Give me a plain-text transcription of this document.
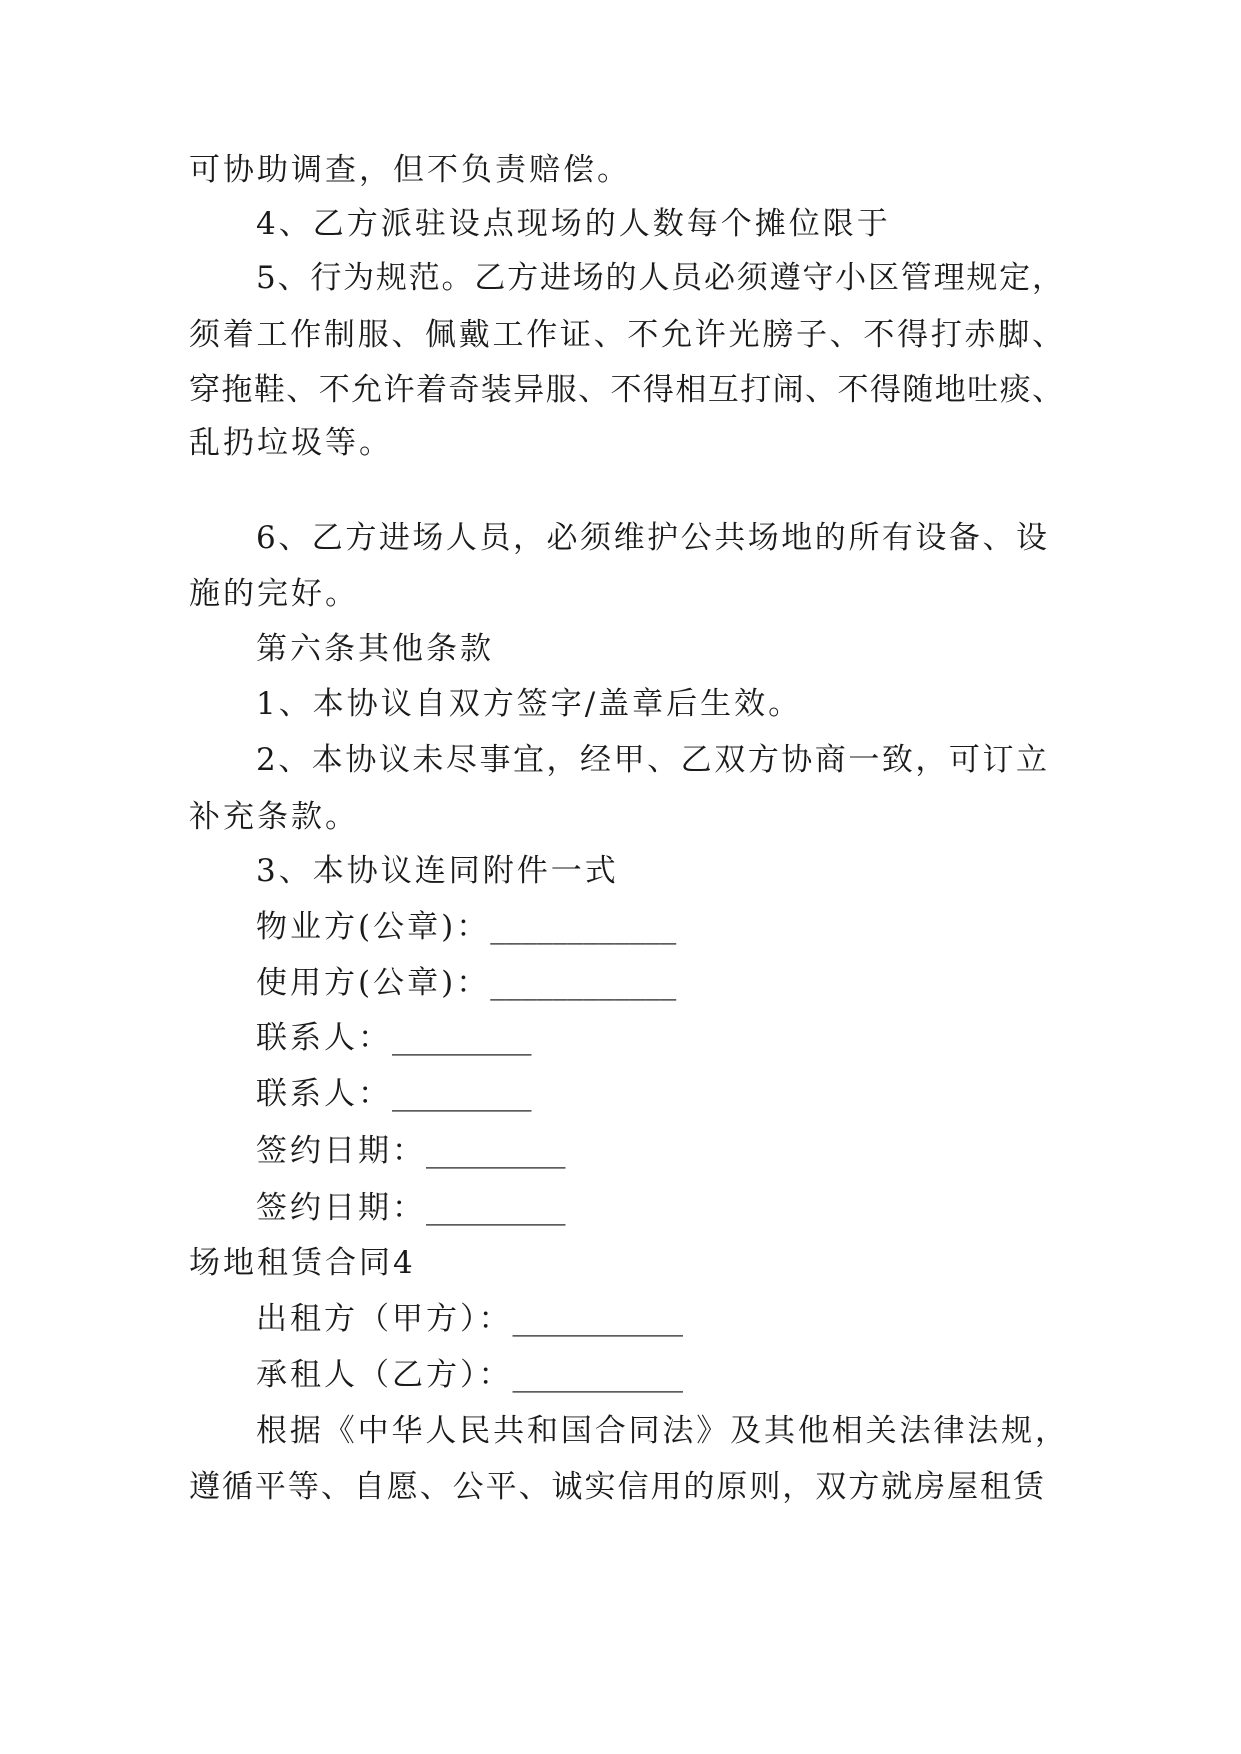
可协助调查，但不负责赔偿。
4、乙方派驻设点现场的人数每个摊位限于
5、行为规范。乙方进场的人员必须遵守小区管理规定，
须着工作制服、佩戴工作证、不允许光膀子、不得打赤脚、
穿拖鞋、不允许着奇装异服、不得相互打闹、不得随地吐痰、
乱扔垃圾等。
6、乙方进场人员，必须维护公共场地的所有设备、设
施的完好。
第六条其他条款
1、本协议自双方签字/盖章后生效。
2、本协议未尽事宜，经甲、乙双方协商一致，可订立
补充条款。
3、本协议连同附件一式
物业方(公章)：____________
使用方(公章)：____________
联系人：_________
联系人：_________
签约日期：_________
签约日期：_________
场地租赁合同4
出租方（甲方）：___________
承租人（乙方）：___________
根据《中华人民共和国合同法》及其他相关法律法规，
遵循平等、自愿、公平、诚实信用的原则，双方就房屋租赁
